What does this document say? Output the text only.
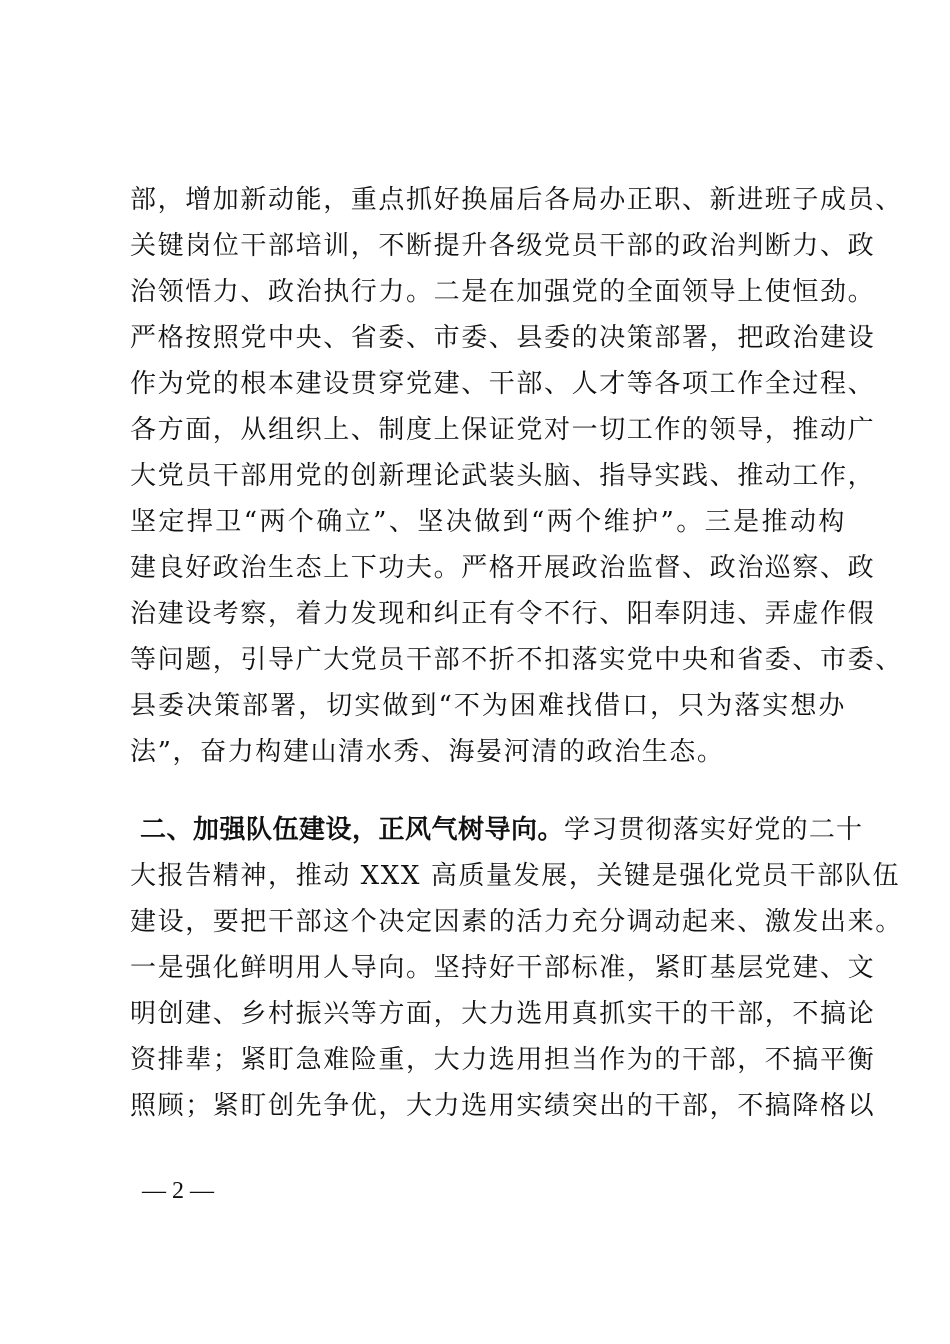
部，增加新动能，重点抓好换届后各局办正职、新进班子成员、
关键岗位干部培训，不断提升各级党员干部的政治判断力、政
治领悟力、政治执行力。二是在加强党的全面领导上使恒劲。
严格按照党中央、省委、市委、县委的决策部署，把政治建设
作为党的根本建设贯穿党建、干部、人才等各项工作全过程、
各方面，从组织上、制度上保证党对一切工作的领导，推动广
大党员干部用党的创新理论武装头脑、指导实践、推动工作，
坚定捍卫“两个确立”、坚决做到“两个维护”。三是推动构
建良好政治生态上下功夫。严格开展政治监督、政治巡察、政
治建设考察，着力发现和纠正有令不行、阳奉阴违、弄虚作假
等问题，引导广大党员干部不折不扣落实党中央和省委、市委、
县委决策部署，切实做到“不为困难找借口，只为落实想办
法”，奋力构建山清水秀、海晏河清的政治生态。
二、加强队伍建设，正风气树导向。学习贯彻落实好党的二十
大报告精神，推动 XXX 高质量发展，关键是强化党员干部队伍
建设，要把干部这个决定因素的活力充分调动起来、激发出来。
一是强化鲜明用人导向。坚持好干部标准，紧盯基层党建、文
明创建、乡村振兴等方面，大力选用真抓实干的干部，不搞论
资排辈；紧盯急难险重，大力选用担当作为的干部，不搞平衡
照顾；紧盯创先争优，大力选用实绩突出的干部，不搞降格以
— 2 —
